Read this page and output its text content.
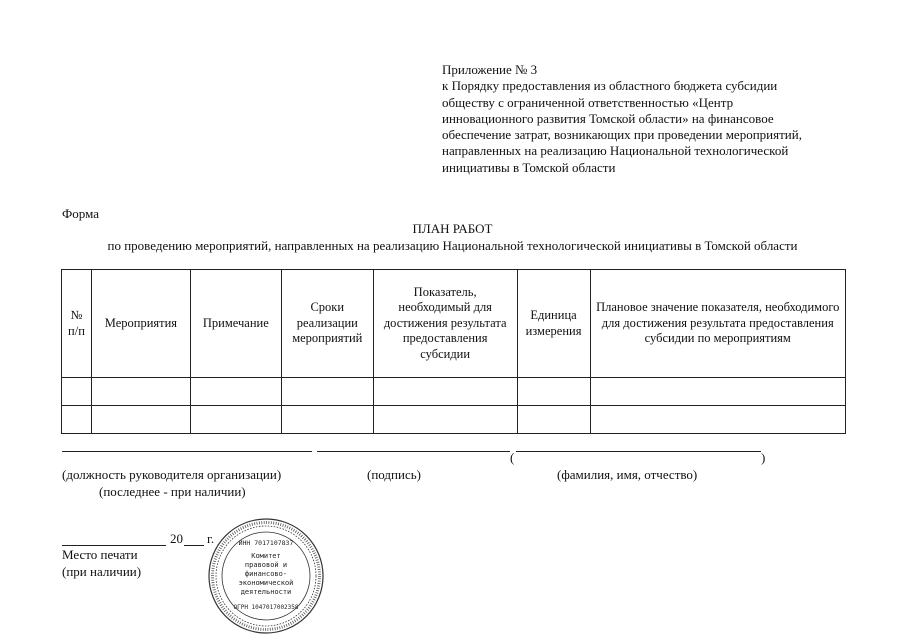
Приложение № 3
к Порядку предоставления из областного бюджета субсидии
обществу с ограниченной ответственностью «Центр
инновационного развития Томской области» на финансовое
обеспечение затрат, возникающих при проведении мероприятий,
направленных на реализацию Национальной технологической
инициативы в Томской области
Форма
ПЛАН РАБОТ
по проведению мероприятий, направленных на реализацию Национальной технологической инициативы в Томской области
№ п/п	Мероприятия	Примечание	Сроки реализации мероприятий	Показатель, необходимый для достижения результата предоставления субсидии	Единица измерения	Плановое значение показателя, необходимого для достижения результата предоставления субсидии по мероприятиям

(	)
(должность руководителя организации)	(подпись)	(фамилия, имя, отчество)
(последнее - при наличии)
20 г.
Место печати
(при наличии)
ИНН 7017107837
Комитет
правовой и
финансово-
экономической
деятельности
ОГРН 1047017002358
